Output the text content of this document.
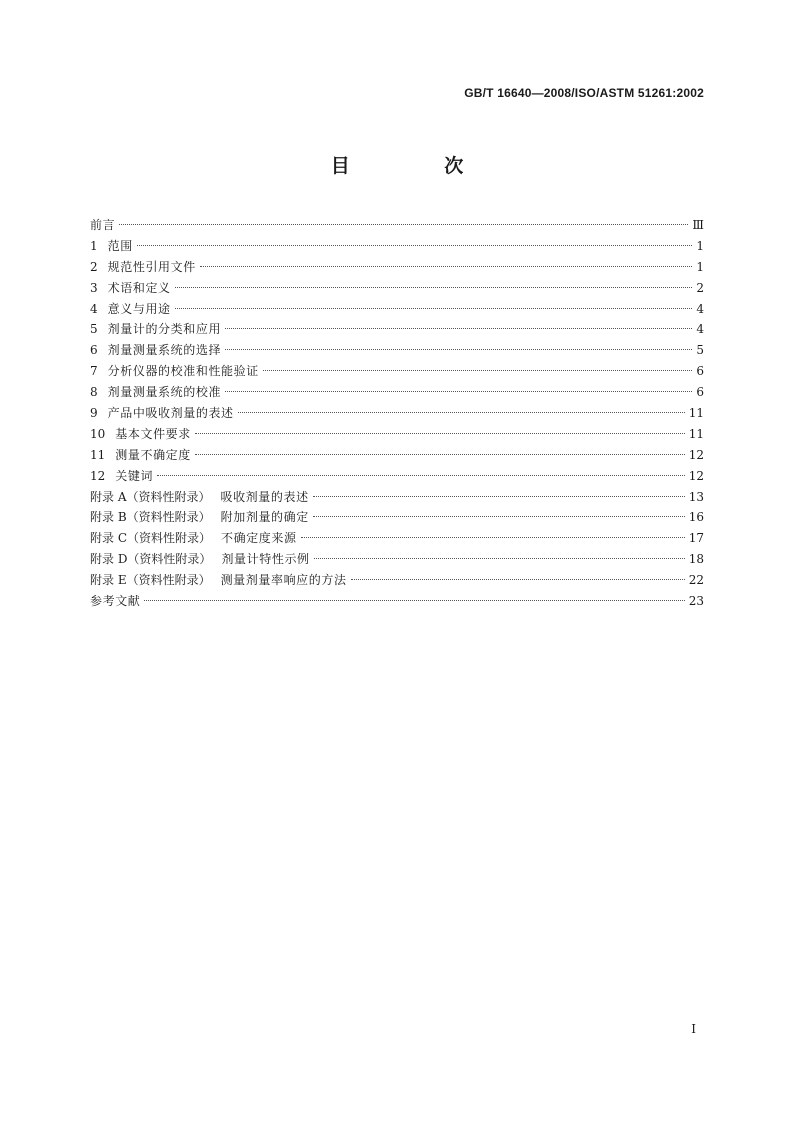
GB/T 16640—2008/ISO/ASTM 51261:2002
目 次
前言	Ⅲ
1 范围	1
2 规范性引用文件	1
3 术语和定义	2
4 意义与用途	4
5 剂量计的分类和应用	4
6 剂量测量系统的选择	5
7 分析仪器的校准和性能验证	6
8 剂量测量系统的校准	6
9 产品中吸收剂量的表述	11
10 基本文件要求	11
11 测量不确定度	12
12 关键词	12
附录 A（资料性附录） 吸收剂量的表述	13
附录 B（资料性附录） 附加剂量的确定	16
附录 C（资料性附录） 不确定度来源	17
附录 D（资料性附录） 剂量计特性示例	18
附录 E（资料性附录） 测量剂量率响应的方法	22
参考文献	23
I
